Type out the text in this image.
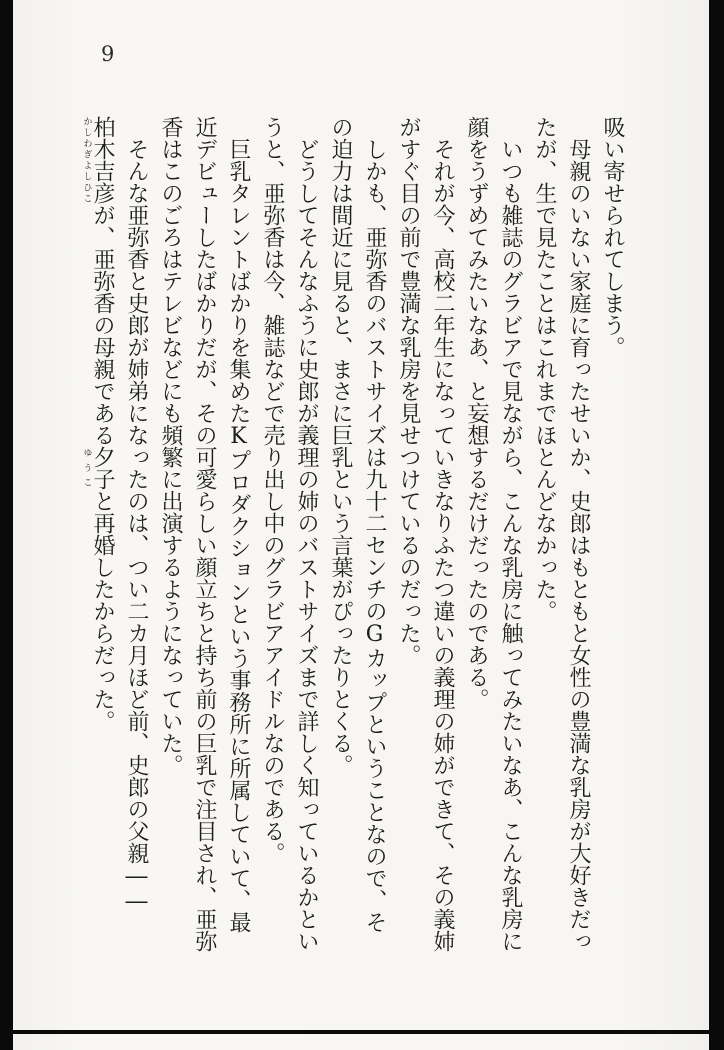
9

吸い寄せられてしまう。

母親のいない家庭に育ったせいか、史郎はもともと女性の豊満な乳房が大好きだったが、生で見たことはこれまでほとんどなかった。

いつも雑誌のグラビアで見ながら、こんな乳房に触ってみたいなあ、こんな乳房に顔をうずめてみたいなあ、と妄想するだけだったのである。

それが今、高校二年生になっていきなりふたつ違いの義理の姉ができて、その義姉がすぐ目の前で豊満な乳房を見せつけているのだった。

しかも、亜弥香のバストサイズは九十二センチのGカップということなので、その迫力は間近に見ると、まさに巨乳という言葉がぴったりとくる。

どうしてそんなふうに史郎が義理の姉のバストサイズまで詳しく知っているかというと、亜弥香は今、雑誌などで売り出し中のグラビアアイドルなのである。

巨乳タレントばかりを集めたKプロダクションという事務所に所属していて、最近デビューしたばかりだが、その可愛らしい顔立ちと持ち前の巨乳で注目され、亜弥香はこのごろはテレビなどにも頻繁に出演するようになっていた。

そんな亜弥香と史郎が姉弟になったのは、つい二カ月ほど前、史郎の父親――柏木かしわぎ吉彦よしひこが、亜弥香の母親である夕子ゆうこと再婚したからだった。
